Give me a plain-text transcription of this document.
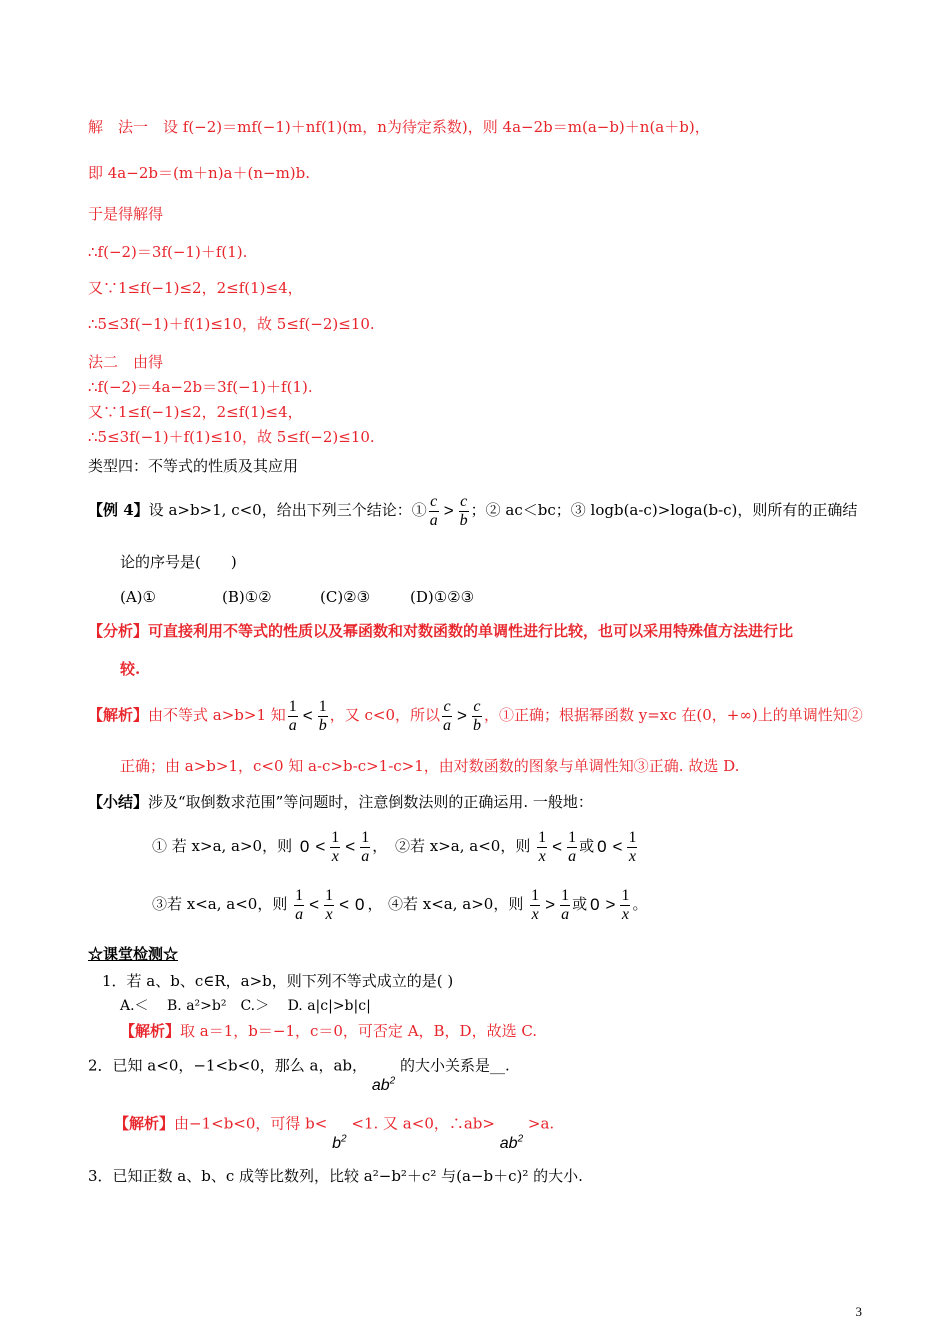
解　法一　设 f(−2)＝mf(−1)＋nf(1)(m，n为待定系数)，则 4a−2b＝m(a−b)＋n(a＋b)，
即 4a−2b＝(m＋n)a＋(n−m)b.
于是得解得
∴f(−2)＝3f(−1)＋f(1).
又∵1≤f(−1)≤2，2≤f(1)≤4，
∴5≤3f(−1)＋f(1)≤10，故 5≤f(−2)≤10.
法二　由得
∴f(−2)＝4a−2b＝3f(−1)＋f(1).
又∵1≤f(−1)≤2，2≤f(1)≤4，
∴5≤3f(−1)＋f(1)≤10，故 5≤f(−2)≤10.
类型四：不等式的性质及其应用
【例 4】设 a>b>1, c<0，给出下列三个结论：① $\frac{c}{a} > \frac{c}{b}$ ；② ac＜bc；③ logb(a-c)>loga(b-c)，则所有的正确结
论的序号是(　　)
(A)①	(B)①②	(C)②③	(D)①②③
【分析】可直接利用不等式的性质以及幂函数和对数函数的单调性进行比较，也可以采用特殊值方法进行比
较.
【解析】由不等式 a>b>1 知 $\frac{1}{a} < \frac{1}{b}$ ，又 c<0，所以 $\frac{c}{a} > \frac{c}{b}$ ，①正确；根据幂函数 y=xc 在(0，+∞)上的单调性知②
正确；由 a>b>1，c<0 知 a-c>b-c>1-c>1，由对数函数的图象与单调性知③正确. 故选 D.
【小结】涉及“取倒数求范围”等问题时，注意倒数法则的正确运用. 一般地：
① 若 x>a, a>0，则 $0 < \frac{1}{x} < \frac{1}{a}$ ， ②若 x>a, a<0，则 $\frac{1}{x} < \frac{1}{a}$ 或 $0 < \frac{1}{x}$
③若 x<a, a<0，则 $\frac{1}{a} < \frac{1}{x} < 0$ ， ④若 x<a, a>0，则 $\frac{1}{x} > \frac{1}{a}$ 或 $0 > \frac{1}{x}$ 。
☆课堂检测☆
1．若 a、b、c∈R，a>b，则下列不等式成立的是( )
A.＜　 B. a²>b²　C.＞　 D. a|c|>b|c|
【解析】取 a＝1，b＝−1，c＝0，可否定 A，B，D，故选 C.
2．已知 a<0，−1<b<0，那么 a，ab， $ab^2$ 的大小关系是__.
【解析】由−1<b<0，可得 $b< b^2 <1$. 又 a<0，∴ab> $ab^2 >a$.
3．已知正数 a、b、c 成等比数列，比较 a²−b²＋c² 与(a−b＋c)² 的大小.
3
